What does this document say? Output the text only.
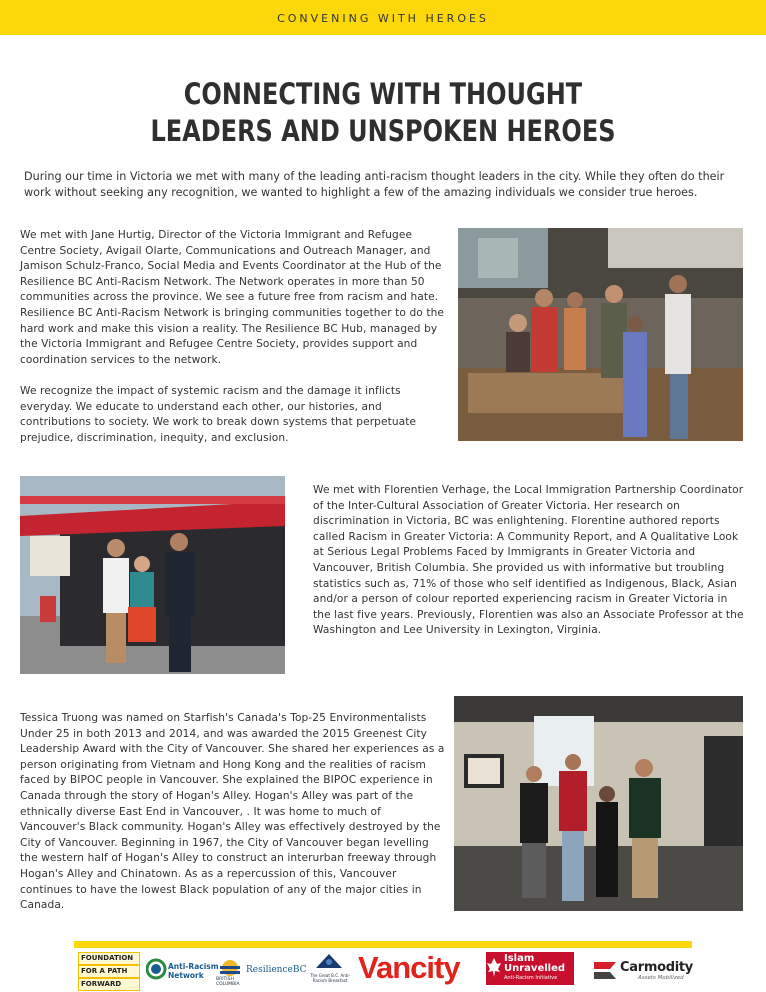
CONVENING WITH HEROES
CONNECTING WITH THOUGHT
LEADERS AND UNSPOKEN HEROES
During our time in Victoria we met with many of the leading anti-racism thought leaders in the city. While they often do their work without seeking any recognition, we wanted to highlight a few of the amazing individuals we consider true heroes.
We met with Jane Hurtig, Director of the Victoria Immigrant and Refugee Centre Society, Avigail Olarte, Communications and Outreach Manager, and Jamison Schulz-Franco, Social Media and Events Coordinator at the Hub of the Resilience BC Anti-Racism Network. The Network operates in more than 50 communities across the province. We see a future free from racism and hate. Resilience BC Anti-Racism Network is bringing communities together to do the hard work and make this vision a reality. The Resilience BC Hub, managed by the Victoria Immigrant and Refugee Centre Society, provides support and coordination services to the network.
We recognize the impact of systemic racism and the damage it inflicts everyday. We educate to understand each other, our histories, and contributions to society. We work to break down systems that perpetuate prejudice, discrimination, inequity, and exclusion.
We met with Florentien Verhage, the Local Immigration Partnership Coordinator of the Inter-Cultural Association of Greater Victoria. Her research on discrimination in Victoria, BC was enlightening. Florentine authored reports called Racism in Greater Victoria: A Community Report, and A Qualitative Look at Serious Legal Problems Faced by Immigrants in Greater Victoria and Vancouver, British Columbia. She provided us with informative but troubling statistics such as, 71% of those who self identified as Indigenous, Black, Asian and/or a person of colour reported experiencing racism in Greater Victoria in the last five years. Previously, Florentien was also an Associate Professor at the Washington and Lee University in Lexington, Virginia.
Tessica Truong was named on Starfish's Canada's Top-25 Environmentalists Under 25 in both 2013 and 2014, and was awarded the 2015 Greenest City Leadership Award with the City of Vancouver. She shared her experiences as a person originating from Vietnam and Hong Kong and the realities of racism faced by BIPOC people in Vancouver. She explained the BIPOC experience in Canada through the story of Hogan's Alley. Hogan's Alley was part of the ethnically diverse East End in Vancouver, . It was home to much of Vancouver's Black community. Hogan's Alley was effectively destroyed by the City of Vancouver. Beginning in 1967, the City of Vancouver began levelling the western half of Hogan's Alley to construct an interurban freeway through Hogan's Alley and Chinatown. As as a repercussion of this, Vancouver continues to have the lowest Black population of any of the major cities in Canada.
FOUNDATION
FOR A PATH
FORWARD
Anti-Racism
Network	BRITISH COLUMBIA
ResilienceBC
The Great B.C. Anti-Racism Breakfast Vancity	Islam
Unravelled
Anti-Racism Initiative
Carmodity
Assets Mobilized
